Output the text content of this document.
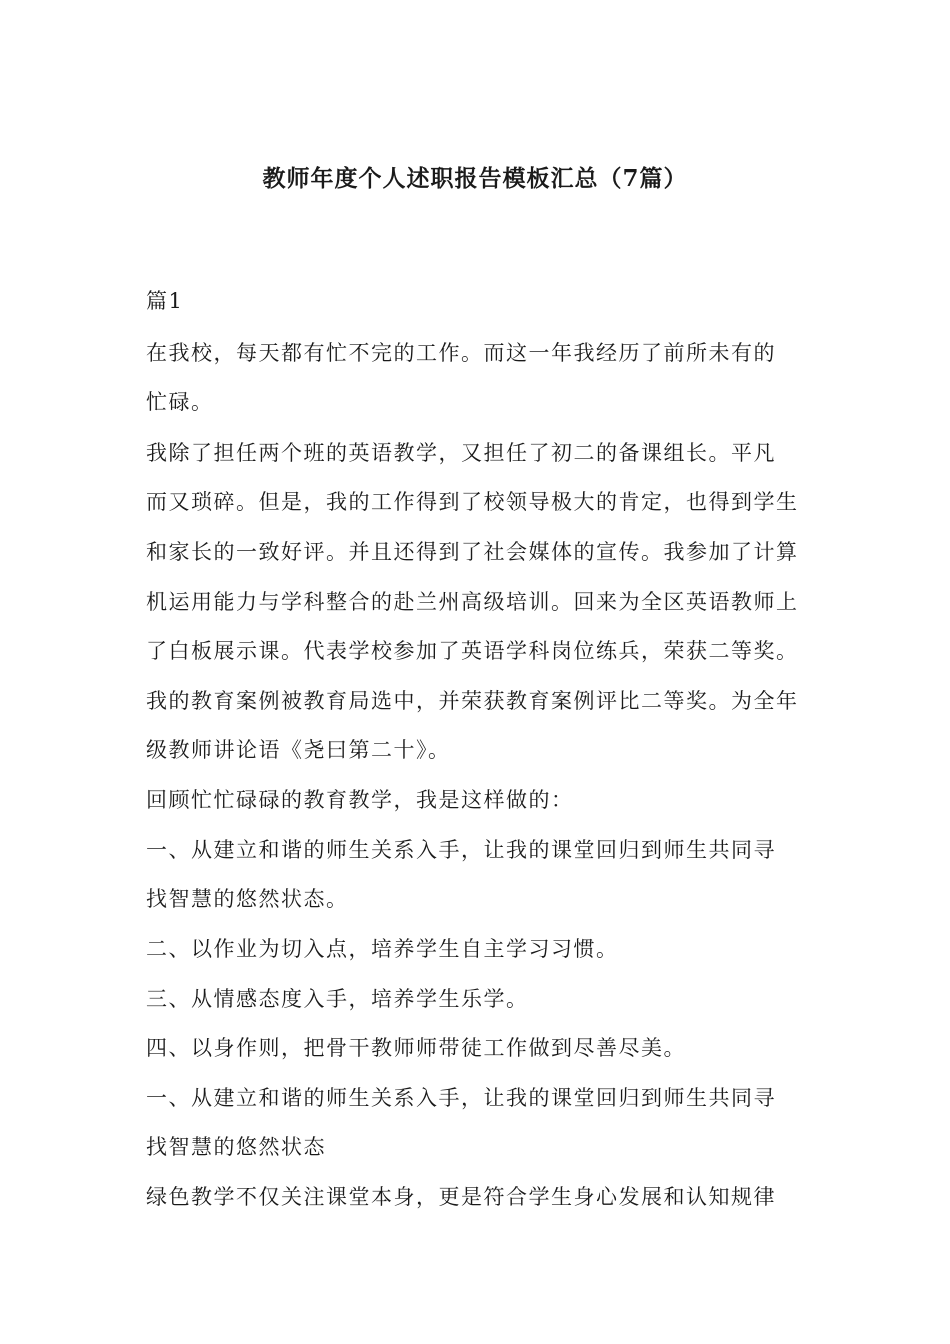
教师年度个人述职报告模板汇总（7篇）
篇1
在我校，每天都有忙不完的工作。而这一年我经历了前所未有的
忙碌。
我除了担任两个班的英语教学，又担任了初二的备课组长。平凡
而又琐碎。但是，我的工作得到了校领导极大的肯定，也得到学生
和家长的一致好评。并且还得到了社会媒体的宣传。我参加了计算
机运用能力与学科整合的赴兰州高级培训。回来为全区英语教师上
了白板展示课。代表学校参加了英语学科岗位练兵，荣获二等奖。
我的教育案例被教育局选中，并荣获教育案例评比二等奖。为全年
级教师讲论语《尧曰第二十》。
回顾忙忙碌碌的教育教学，我是这样做的：
一、从建立和谐的师生关系入手，让我的课堂回归到师生共同寻
找智慧的悠然状态。
二、以作业为切入点，培养学生自主学习习惯。
三、从情感态度入手，培养学生乐学。
四、以身作则，把骨干教师师带徒工作做到尽善尽美。
一、从建立和谐的师生关系入手，让我的课堂回归到师生共同寻
找智慧的悠然状态
绿色教学不仅关注课堂本身，更是符合学生身心发展和认知规律
